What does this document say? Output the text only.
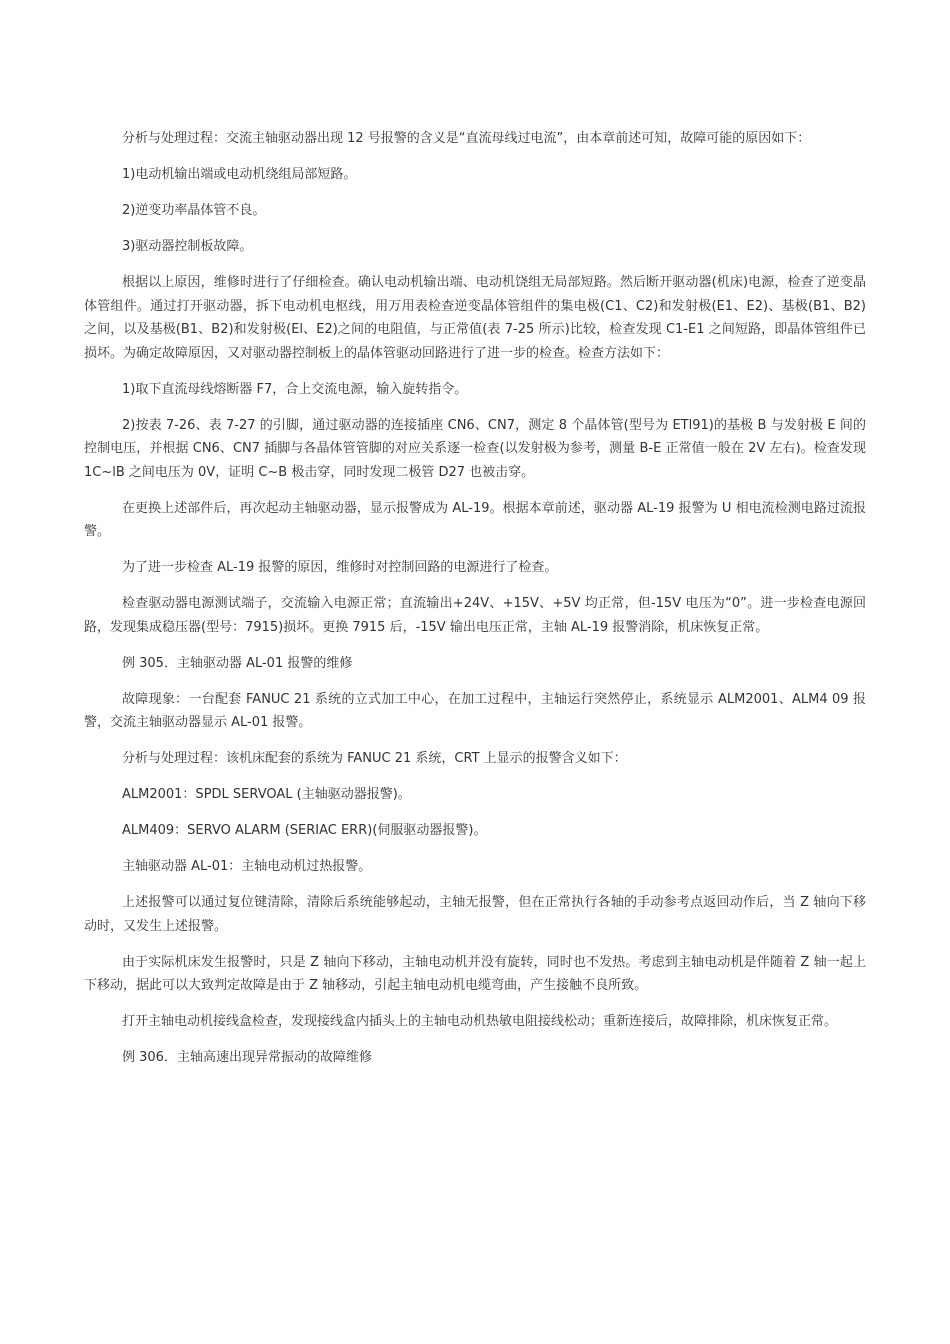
分析与处理过程：交流主轴驱动器出现 12 号报警的含义是“直流母线过电流”，由本章前述可知，故障可能的原因如下：

1)电动机输出端或电动机绕组局部短路。

2)逆变功率晶体管不良。

3)驱动器控制板故障。

根据以上原因，维修时进行了仔细检查。确认电动机输出端、电动机饶组无局部短路。然后断开驱动器(机床)电源，检查了逆变晶体管组件。通过打开驱动器，拆下电动机电枢线，用万用表检查逆变晶体管组件的集电极(C1、C2)和发射极(E1、E2)、基极(B1、B2)之间，以及基极(B1、B2)和发射极(El、E2)之间的电阻值，与正常值(表 7-25 所示)比较，检查发现 C1-E1 之间短路，即晶体管组件已损坏。为确定故障原因，又对驱动器控制板上的晶体管驱动回路进行了进一步的检查。检查方法如下：

1)取下直流母线熔断器 F7，合上交流电源，输入旋转指令。

2)按表 7-26、表 7-27 的引脚，通过驱动器的连接插座 CN6、CN7，测定 8 个晶体管(型号为 ETl91)的基极 B 与发射极 E 间的控制电压，并根据 CN6、CN7 插脚与各晶体管管脚的对应关系逐一检查(以发射极为参考，测量 B-E 正常值一般在 2V 左右)。检查发现 1C~lB 之间电压为 0V，证明 C~B 极击穿，同时发现二极管 D27 也被击穿。

在更换上述部件后，再次起动主轴驱动器，显示报警成为 AL-19。根据本章前述，驱动器 AL-19 报警为 U 相电流检测电路过流报警。

为了进一步检查 AL-19 报警的原因，维修时对控制回路的电源进行了检查。

检查驱动器电源测试端子，交流输入电源正常；直流输出+24V、+15V、+5V 均正常，但-15V 电压为“0”。进一步检查电源回路，发现集成稳压器(型号：7915)损坏。更换 7915 后，-15V 输出电压正常，主轴 AL-19 报警消除，机床恢复正常。

例 305．主轴驱动器 AL-01 报警的维修

故障现象：一台配套 FANUC 21 系统的立式加工中心，在加工过程中，主轴运行突然停止，系统显示 ALM2001、ALM4 09 报警，交流主轴驱动器显示 AL-01 报警。

分析与处理过程：该机床配套的系统为 FANUC 21 系统，CRT 上显示的报警含义如下：

ALM2001：SPDL SERVOAL (主轴驱动器报警)。

ALM409：SERVO ALARM (SERIAC ERR)(伺服驱动器报警)。

主轴驱动器 AL-01：主轴电动机过热报警。

上述报警可以通过复位键清除，清除后系统能够起动，主轴无报警，但在正常执行各轴的手动参考点返回动作后，当 Z 轴向下移动时，又发生上述报警。

由于实际机床发生报警时，只是 Z 轴向下移动，主轴电动机并没有旋转，同时也不发热。考虑到主轴电动机是伴随着 Z 轴一起上下移动，据此可以大致判定故障是由于 Z 轴移动，引起主轴电动机电缆弯曲，产生接触不良所致。

打开主轴电动机接线盒检查，发现接线盒内插头上的主轴电动机热敏电阻接线松动；重新连接后，故障排除，机床恢复正常。

例 306．主轴高速出现异常振动的故障维修
